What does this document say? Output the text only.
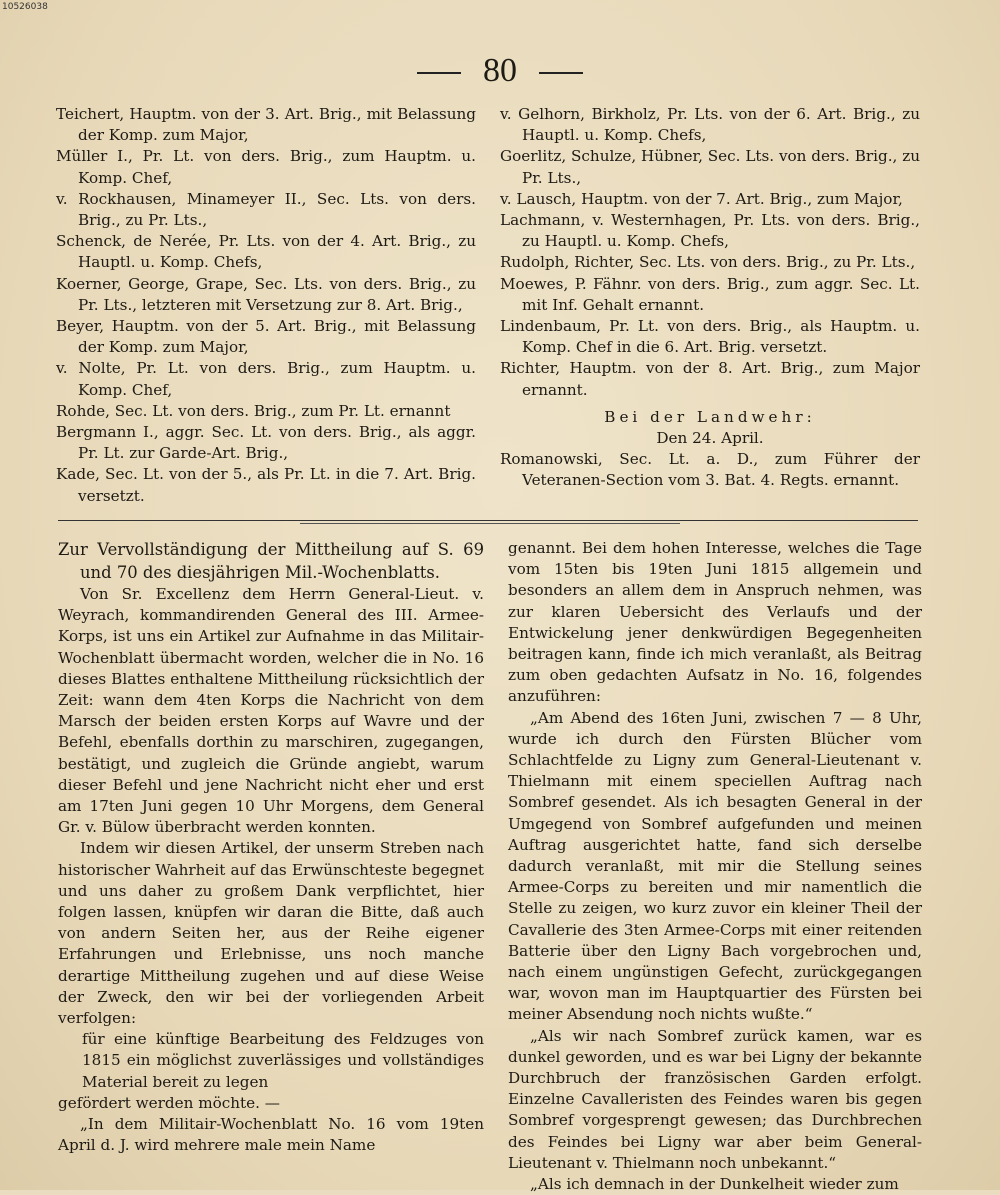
10526038
80

Teichert, Hauptm. von der 3. Art. Brig., mit Belassung der Komp. zum Major,

Müller I., Pr. Lt. von ders. Brig., zum Hauptm. u. Komp. Chef,

v. Rockhausen, Minameyer II., Sec. Lts. von ders. Brig., zu Pr. Lts.,

Schenck, de Nerée, Pr. Lts. von der 4. Art. Brig., zu Hauptl. u. Komp. Chefs,

Koerner, George, Grape, Sec. Lts. von ders. Brig., zu Pr. Lts., letzteren mit Versetzung zur 8. Art. Brig.,

Beyer, Hauptm. von der 5. Art. Brig., mit Belassung der Komp. zum Major,

v. Nolte, Pr. Lt. von ders. Brig., zum Hauptm. u. Komp. Chef,

Rohde, Sec. Lt. von ders. Brig., zum Pr. Lt. ernannt

Bergmann I., aggr. Sec. Lt. von ders. Brig., als aggr. Pr. Lt. zur Garde-Art. Brig.,

Kade, Sec. Lt. von der 5., als Pr. Lt. in die 7. Art. Brig. versetzt.

v. Gelhorn, Birkholz, Pr. Lts. von der 6. Art. Brig., zu Hauptl. u. Komp. Chefs,

Goerlitz, Schulze, Hübner, Sec. Lts. von ders. Brig., zu Pr. Lts.,

v. Lausch, Hauptm. von der 7. Art. Brig., zum Major,

Lachmann, v. Westernhagen, Pr. Lts. von ders. Brig., zu Hauptl. u. Komp. Chefs,

Rudolph, Richter, Sec. Lts. von ders. Brig., zu Pr. Lts.,

Moewes, P. Fähnr. von ders. Brig., zum aggr. Sec. Lt. mit Inf. Gehalt ernannt.

Lindenbaum, Pr. Lt. von ders. Brig., als Hauptm. u. Komp. Chef in die 6. Art. Brig. versetzt.

Richter, Hauptm. von der 8. Art. Brig., zum Major ernannt.

Bei der Landwehr:

Den 24. April.

Romanowski, Sec. Lt. a. D., zum Führer der Veteranen-Section vom 3. Bat. 4. Regts. ernannt.

Zur Vervollständigung der Mittheilung auf S. 69 und 70 des diesjährigen Mil.-Wochenblatts.

Von Sr. Excellenz dem Herrn General-Lieut. v. Weyrach, kommandirenden General des III. Armee-Korps, ist uns ein Artikel zur Aufnahme in das Militair-Wochenblatt übermacht worden, welcher die in No. 16 dieses Blattes enthaltene Mittheilung rücksichtlich der Zeit: wann dem 4ten Korps die Nachricht von dem Marsch der beiden ersten Korps auf Wavre und der Befehl, ebenfalls dorthin zu marschiren, zugegangen, bestätigt, und zugleich die Gründe angiebt, warum dieser Befehl und jene Nachricht nicht eher und erst am 17ten Juni gegen 10 Uhr Morgens, dem General Gr. v. Bülow überbracht werden konnten.

Indem wir diesen Artikel, der unserm Streben nach historischer Wahrheit auf das Erwünschteste begegnet und uns daher zu großem Dank verpflichtet, hier folgen lassen, knüpfen wir daran die Bitte, daß auch von andern Seiten her, aus der Reihe eigener Erfahrungen und Erlebnisse, uns noch manche derartige Mittheilung zugehen und auf diese Weise der Zweck, den wir bei der vorliegenden Arbeit verfolgen:

für eine künftige Bearbeitung des Feldzuges von 1815 ein möglichst zuverlässiges und vollständiges Material bereit zu legen

gefördert werden möchte. —

„In dem Militair-Wochenblatt No. 16 vom 19ten April d. J. wird mehrere male mein Name

genannt. Bei dem hohen Interesse, welches die Tage vom 15ten bis 19ten Juni 1815 allgemein und besonders an allem dem in Anspruch nehmen, was zur klaren Uebersicht des Verlaufs und der Entwickelung jener denkwürdigen Begegenheiten beitragen kann, finde ich mich veranlaßt, als Beitrag zum oben gedachten Aufsatz in No. 16, folgendes anzuführen:

„Am Abend des 16ten Juni, zwischen 7 — 8 Uhr, wurde ich durch den Fürsten Blücher vom Schlachtfelde zu Ligny zum General-Lieutenant v. Thielmann mit einem speciellen Auftrag nach Sombref gesendet. Als ich besagten General in der Umgegend von Sombref aufgefunden und meinen Auftrag ausgerichtet hatte, fand sich derselbe dadurch veranlaßt, mit mir die Stellung seines Armee-Corps zu bereiten und mir namentlich die Stelle zu zeigen, wo kurz zuvor ein kleiner Theil der Cavallerie des 3ten Armee-Corps mit einer reitenden Batterie über den Ligny Bach vorgebrochen und, nach einem ungünstigen Gefecht, zurückgegangen war, wovon man im Hauptquartier des Fürsten bei meiner Absendung noch nichts wußte.“

„Als wir nach Sombref zurück kamen, war es dunkel geworden, und es war bei Ligny der bekannte Durchbruch der französischen Garden erfolgt. Einzelne Cavalleristen des Feindes waren bis gegen Sombref vorgesprengt gewesen; das Durchbrechen des Feindes bei Ligny war aber beim General-Lieutenant v. Thielmann noch unbekannt.“

„Als ich demnach in der Dunkelheit wieder zum
